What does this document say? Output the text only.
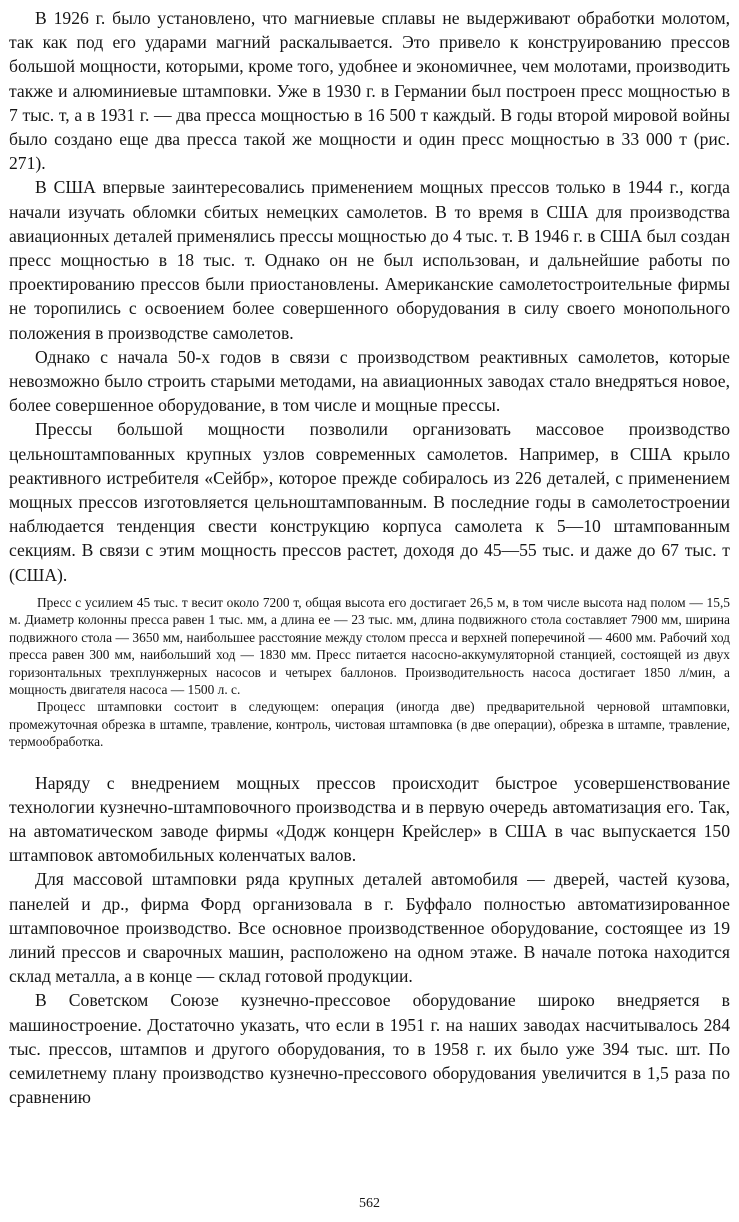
В 1926 г. было установлено, что магниевые сплавы не выдерживают обработки молотом, так как под его ударами магний раскалывается. Это привело к конструированию прессов большой мощности, которыми, кроме того, удобнее и экономичнее, чем молотами, производить также и алюминиевые штамповки. Уже в 1930 г. в Германии был построен пресс мощностью в 7 тыс. т, а в 1931 г. — два пресса мощностью в 16 500 т каждый. В годы второй мировой войны было создано еще два пресса такой же мощности и один пресс мощностью в 33 000 т (рис. 271).

В США впервые заинтересовались применением мощных прессов только в 1944 г., когда начали изучать обломки сбитых немецких самолетов. В то время в США для производства авиационных деталей применялись прессы мощностью до 4 тыс. т. В 1946 г. в США был создан пресс мощностью в 18 тыс. т. Однако он не был использован, и дальнейшие работы по проектированию прессов были приостановлены. Американские самолетостроительные фирмы не торопились с освоением более совершенного оборудования в силу своего монопольного положения в производстве самолетов.

Однако с начала 50-х годов в связи с производством реактивных самолетов, которые невозможно было строить старыми методами, на авиационных заводах стало внедряться новое, более совершенное оборудование, в том числе и мощные прессы.

Прессы большой мощности позволили организовать массовое производство цельноштампованных крупных узлов современных самолетов. Например, в США крыло реактивного истребителя «Сейбр», которое прежде собиралось из 226 деталей, с применением мощных прессов изготовляется цельноштампованным. В последние годы в самолетостроении наблюдается тенденция свести конструкцию корпуса самолета к 5—10 штампованным секциям. В связи с этим мощность прессов растет, доходя до 45—55 тыс. и даже до 67 тыс. т (США).

Пресс с усилием 45 тыс. т весит около 7200 т, общая высота его достигает 26,5 м, в том числе высота над полом — 15,5 м. Диаметр колонны пресса равен 1 тыс. мм, а длина ее — 23 тыс. мм, длина подвижного стола составляет 7900 мм, ширина подвижного стола — 3650 мм, наибольшее расстояние между столом пресса и верхней поперечиной — 4600 мм. Рабочий ход пресса равен 300 мм, наибольший ход — 1830 мм. Пресс питается насосно-аккумуляторной станцией, состоящей из двух горизонтальных трехплунжерных насосов и четырех баллонов. Производительность насоса достигает 1850 л/мин, а мощность двигателя насоса — 1500 л. с.

Процесс штамповки состоит в следующем: операция (иногда две) предварительной черновой штамповки, промежуточная обрезка в штампе, травление, контроль, чистовая штамповка (в две операции), обрезка в штампе, травление, термообработка.

Наряду с внедрением мощных прессов происходит быстрое усовершенствование технологии кузнечно-штамповочного производства и в первую очередь автоматизация его. Так, на автоматическом заводе фирмы «Додж концерн Крейслер» в США в час выпускается 150 штамповок автомобильных коленчатых валов.

Для массовой штамповки ряда крупных деталей автомобиля — дверей, частей кузова, панелей и др., фирма Форд организовала в г. Буффало полностью автоматизированное штамповочное производство. Все основное производственное оборудование, состоящее из 19 линий прессов и сварочных машин, расположено на одном этаже. В начале потока находится склад металла, а в конце — склад готовой продукции.

В Советском Союзе кузнечно-прессовое оборудование широко внедряется в машиностроение. Достаточно указать, что если в 1951 г. на наших заводах насчитывалось 284 тыс. прессов, штампов и другого оборудования, то в 1958 г. их было уже 394 тыс. шт. По семилетнему плану производство кузнечно-прессового оборудования увеличится в 1,5 раза по сравнению

562
